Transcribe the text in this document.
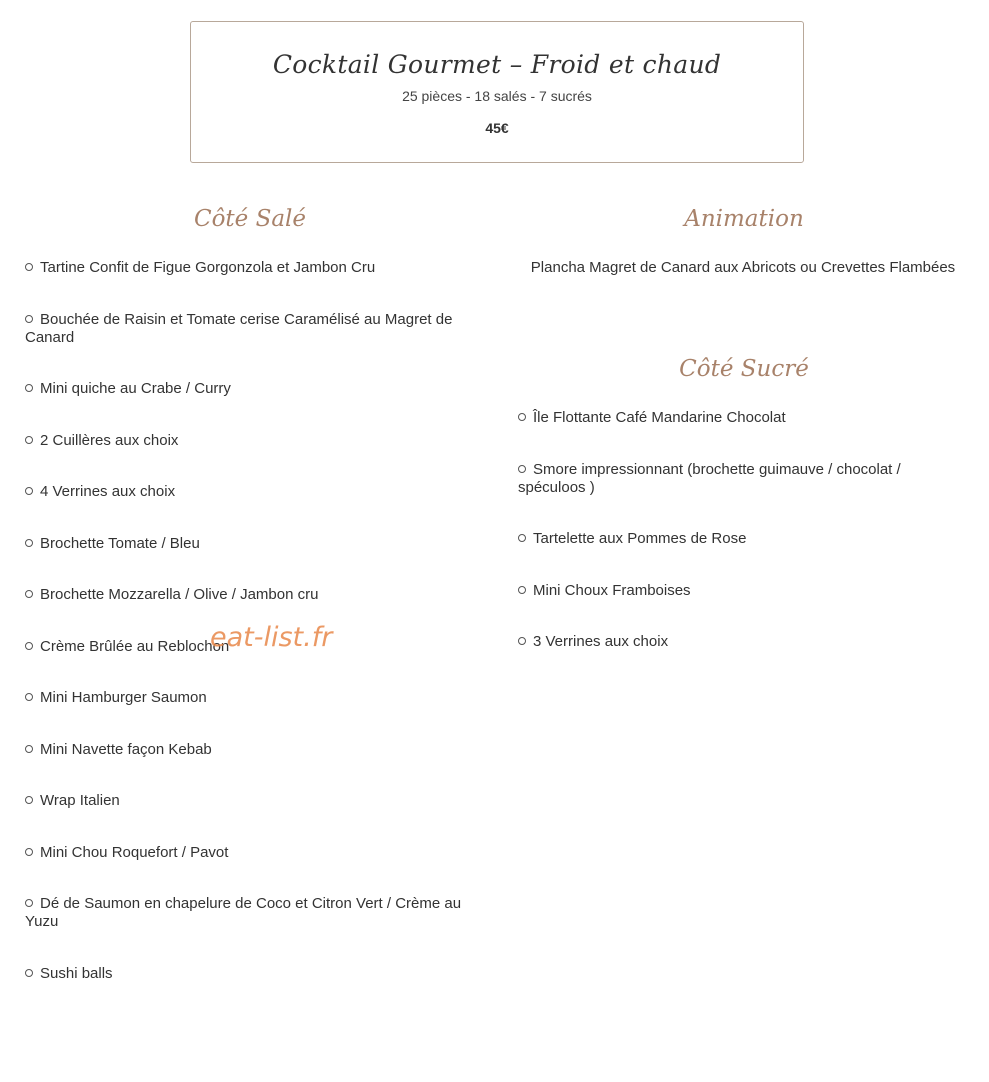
Cocktail Gourmet – Froid et chaud
25 pièces - 18 salés - 7 sucrés
45€
Côté Salé	Animation
Côté Sucré
Plancha Magret de Canard aux Abricots ou Crevettes Flambées

Tartine Confit de Figue Gorgonzola et Jambon Cru

Bouchée de Raisin et Tomate cerise Caramélisé au Magret de Canard

Mini quiche au Crabe / Curry

2 Cuillères aux choix

4 Verrines aux choix

Brochette Tomate / Bleu

Brochette Mozzarella / Olive / Jambon cru

Crème Brûlée au Reblochon

Mini Hamburger Saumon

Mini Navette façon Kebab

Wrap Italien

Mini Chou Roquefort / Pavot

Dé de Saumon en chapelure de Coco et Citron Vert / Crème au Yuzu

Sushi balls

Île Flottante Café Mandarine Chocolat

Smore impressionnant (brochette guimauve / chocolat / spéculoos )

Tartelette aux Pommes de Rose

Mini Choux Framboises

3 Verrines aux choix

eat-list.fr
